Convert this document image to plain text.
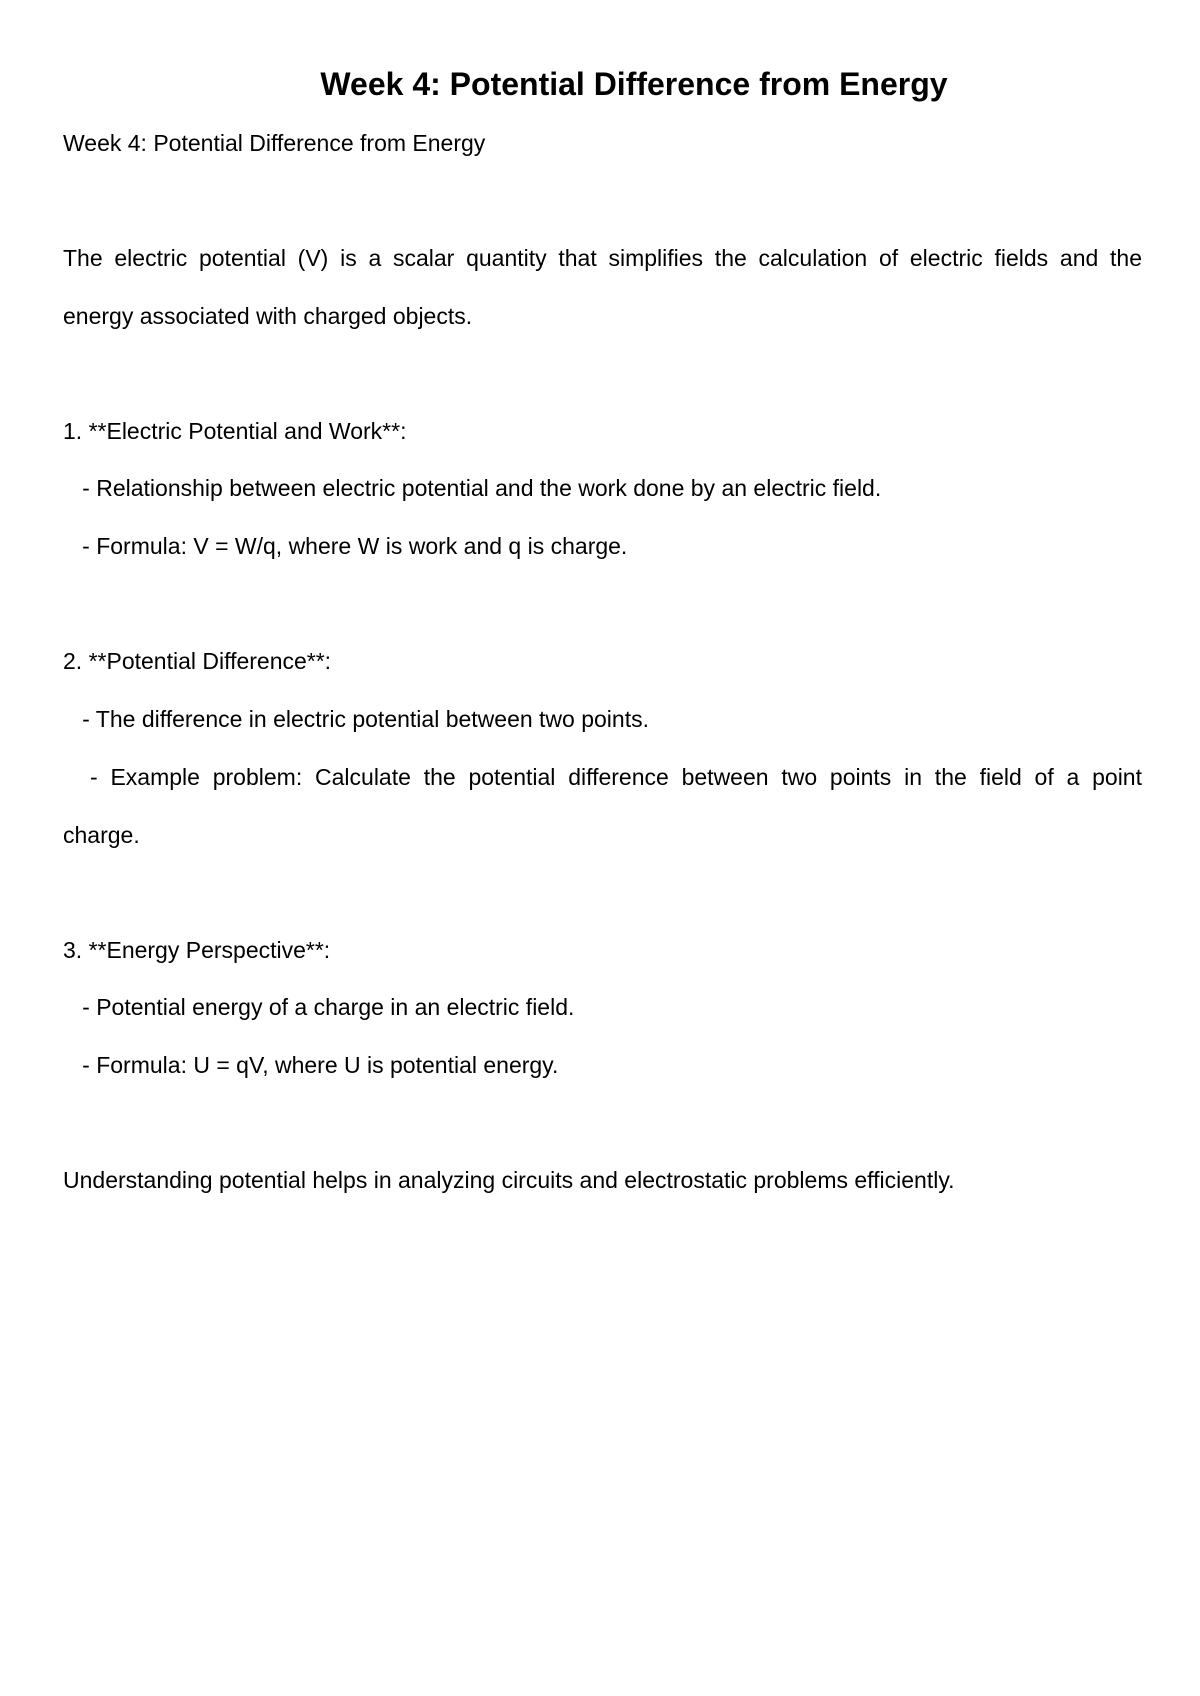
Week 4: Potential Difference from Energy
Week 4: Potential Difference from Energy
The electric potential (V) is a scalar quantity that simplifies the calculation of electric fields and the
energy associated with charged objects.
1. **Electric Potential and Work**:
- Relationship between electric potential and the work done by an electric field.
- Formula: V = W/q, where W is work and q is charge.
2. **Potential Difference**:
- The difference in electric potential between two points.
- Example problem: Calculate the potential difference between two points in the field of a point
charge.
3. **Energy Perspective**:
- Potential energy of a charge in an electric field.
- Formula: U = qV, where U is potential energy.
Understanding potential helps in analyzing circuits and electrostatic problems efficiently.
